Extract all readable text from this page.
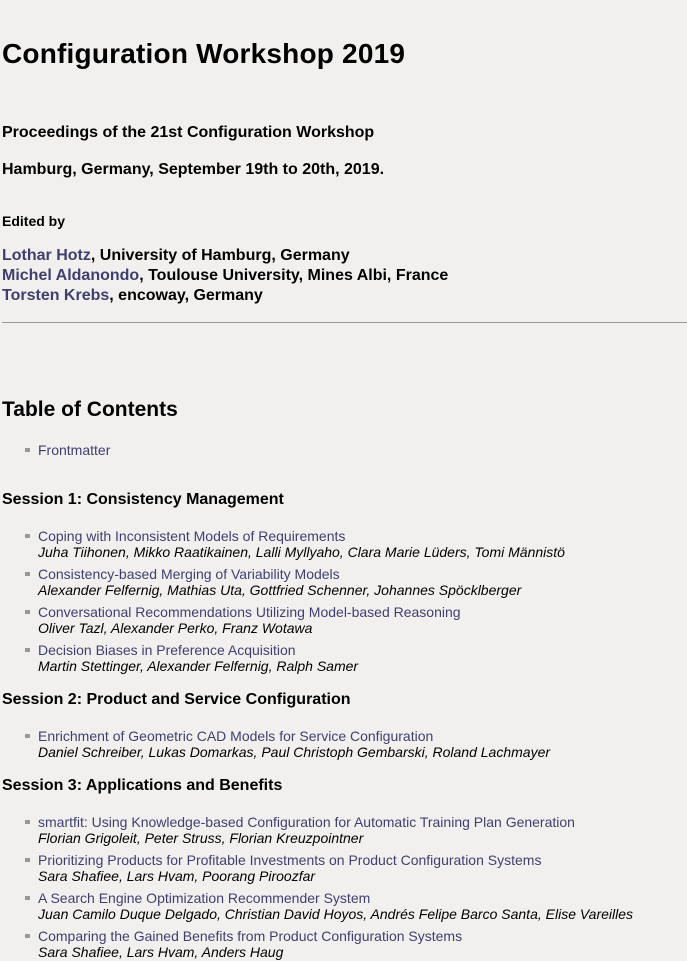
Configuration Workshop 2019

Proceedings of the 21st Configuration Workshop

Hamburg, Germany, September 19th to 20th, 2019.

Edited by
Lothar Hotz, University of Hamburg, Germany
Michel Aldanondo, Toulouse University, Mines Albi, France
Torsten Krebs, encoway, Germany
Table of Contents
Frontmatter
Session 1: Consistency Management
Coping with Inconsistent Models of Requirements
Juha Tiihonen, Mikko Raatikainen, Lalli Myllyaho, Clara Marie Lüders, Tomi Männistö
Consistency-based Merging of Variability Models
Alexander Felfernig, Mathias Uta, Gottfried Schenner, Johannes Spöcklberger
Conversational Recommendations Utilizing Model-based Reasoning
Oliver Tazl, Alexander Perko, Franz Wotawa
Decision Biases in Preference Acquisition
Martin Stettinger, Alexander Felfernig, Ralph Samer
Session 2: Product and Service Configuration
Enrichment of Geometric CAD Models for Service Configuration
Daniel Schreiber, Lukas Domarkas, Paul Christoph Gembarski, Roland Lachmayer
Session 3: Applications and Benefits
smartfit: Using Knowledge-based Configuration for Automatic Training Plan Generation
Florian Grigoleit, Peter Struss, Florian Kreuzpointner
Prioritizing Products for Profitable Investments on Product Configuration Systems
Sara Shafiee, Lars Hvam, Poorang Piroozfar
A Search Engine Optimization Recommender System
Juan Camilo Duque Delgado, Christian David Hoyos, Andrés Felipe Barco Santa, Elise Vareilles
Comparing the Gained Benefits from Product Configuration Systems
Sara Shafiee, Lars Hvam, Anders Haug
